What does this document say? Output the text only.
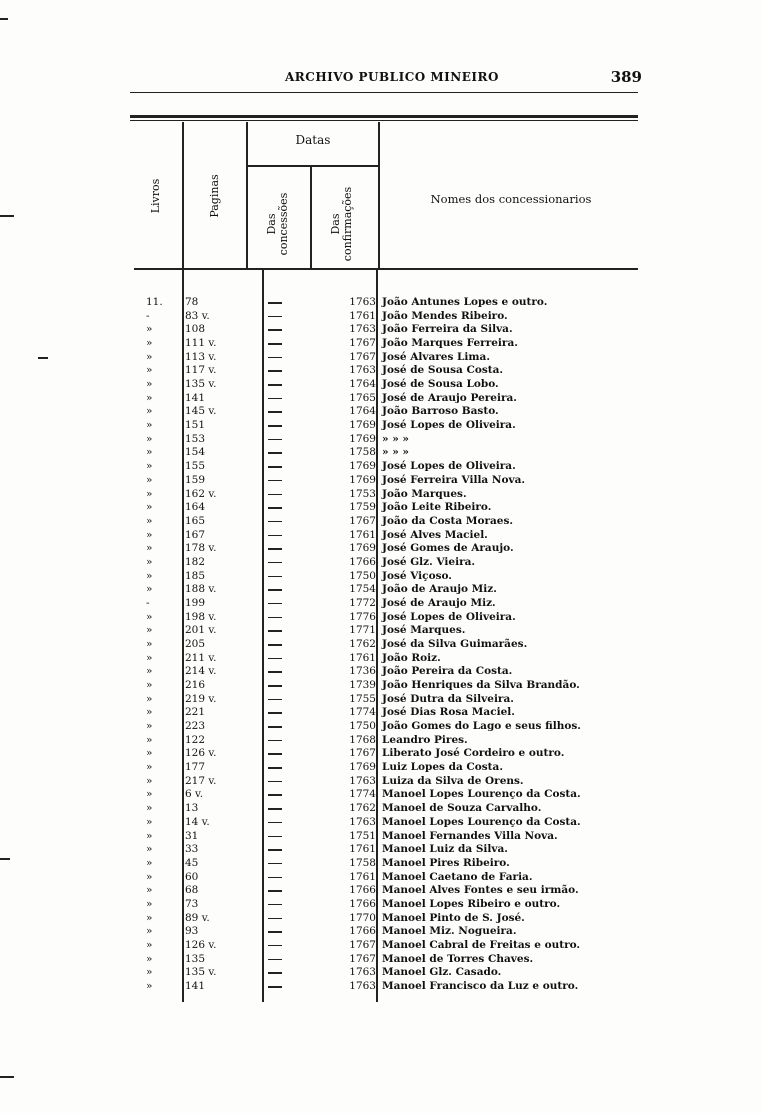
ARCHIVO PUBLICO MINEIRO	389
Livros	Paginas
Datas
Das concessões	Das confirmações	Nomes dos concessionarios
11.	78	1763 João Antunes Lopes e outro.
-	83 v.	1761 João Mendes Ribeiro.
»	108	1763 João Ferreira da Silva.
»	111 v.	1767 João Marques Ferreira.
»	113 v.	1767 José Alvares Lima.
»	117 v.	1763 José de Sousa Costa.
»	135 v.	1764 José de Sousa Lobo.
»	141	1765 José de Araujo Pereira.
»	145 v.	1764 João Barroso Basto.
»	151	1769 José Lopes de Oliveira.
»	153	1769 » » »
»	154	1758 » » »
»	155	1769 José Lopes de Oliveira.
»	159	1769 José Ferreira Villa Nova.
»	162 v.	1753 João Marques.
»	164	1759 João Leite Ribeiro.
»	165	1767 João da Costa Moraes.
»	167	1761 José Alves Maciel.
»	178 v.	1769 José Gomes de Araujo.
»	182	1766 José Glz. Vieira.
»	185	1750 José Viçoso.
»	188 v.	1754 João de Araujo Miz.
-	199	1772 José de Araujo Miz.
»	198 v.	1776 José Lopes de Oliveira.
»	201 v.	1771 José Marques.
»	205	1762 José da Silva Guimarães.
»	211 v.	1761 João Roiz.
»	214 v.	1736 João Pereira da Costa.
»	216	1739 João Henriques da Silva Brandão.
»	219 v.	1755 José Dutra da Silveira.
»	221	1774 José Dias Rosa Maciel.
»	223	1750 João Gomes do Lago e seus filhos.
»	122	1768 Leandro Pires.
»	126 v.	1767 Liberato José Cordeiro e outro.
»	177	1769 Luiz Lopes da Costa.
»	217 v.	1763 Luiza da Silva de Orens.
»	6 v.	1774 Manoel Lopes Lourenço da Costa.
»	13	1762 Manoel de Souza Carvalho.
»	14 v.	1763 Manoel Lopes Lourenço da Costa.
»	31	1751 Manoel Fernandes Villa Nova.
»	33	1761 Manoel Luiz da Silva.
»	45	1758 Manoel Pires Ribeiro.
»	60	1761 Manoel Caetano de Faria.
»	68	1766 Manoel Alves Fontes e seu irmão.
»	73	1766 Manoel Lopes Ribeiro e outro.
»	89 v.	1770 Manoel Pinto de S. José.
»	93	1766 Manoel Miz. Nogueira.
»	126 v.	1767 Manoel Cabral de Freitas e outro.
»	135	1767 Manoel de Torres Chaves.
»	135 v.	1763 Manoel Glz. Casado.
»	141	1763 Manoel Francisco da Luz e outro.
